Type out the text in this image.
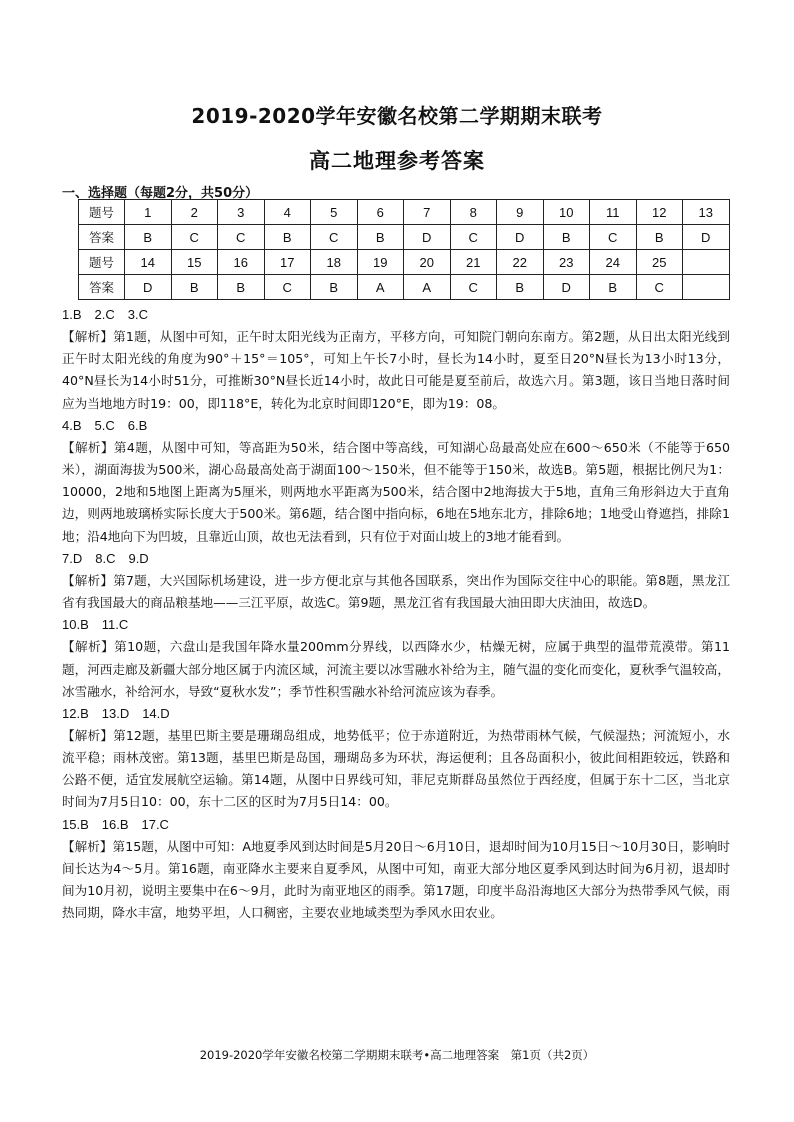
2019-2020学年安徽名校第二学期期末联考
高二地理参考答案
一、选择题（每题2分，共50分）
题号	1	2	3	4	5	6	7	8	9	10	11	12	13
答案	B	C	C	B	C	B	D	C	D	B	C	B	D
题号	14	15	16	17	18	19	20	21	22	23	24	25	
答案	D	B	B	C	B	A	A	C	B	D	B	C	

1.B　2.C　3.C

【解析】第1题，从图中可知，正午时太阳光线为正南方，平移方向，可知院门朝向东南方。第2题，从日出太阳光线到正午时太阳光线的角度为90°＋15°＝105°，可知上午长7小时，昼长为14小时，夏至日20°N昼长为13小时13分，40°N昼长为14小时51分，可推断30°N昼长近14小时，故此日可能是夏至前后，故选六月。第3题，该日当地日落时间应为当地地方时19：00，即118°E，转化为北京时间即120°E，即为19：08。

4.B　5.C　6.B

【解析】第4题，从图中可知，等高距为50米，结合图中等高线，可知湖心岛最高处应在600～650米（不能等于650米），湖面海拔为500米，湖心岛最高处高于湖面100～150米，但不能等于150米，故选B。第5题，根据比例尺为1：10000，2地和5地图上距离为5厘米，则两地水平距离为500米，结合图中2地海拔大于5地，直角三角形斜边大于直角边，则两地玻璃桥实际长度大于500米。第6题，结合图中指向标，6地在5地东北方，排除6地；1地受山脊遮挡，排除1地；沿4地向下为凹坡，且靠近山顶，故也无法看到，只有位于对面山坡上的3地才能看到。

7.D　8.C　9.D

【解析】第7题，大兴国际机场建设，进一步方便北京与其他各国联系，突出作为国际交往中心的职能。第8题，黑龙江省有我国最大的商品粮基地——三江平原，故选C。第9题，黑龙江省有我国最大油田即大庆油田，故选D。

10.B　11.C

【解析】第10题，六盘山是我国年降水量200mm分界线，以西降水少，枯燥无树，应属于典型的温带荒漠带。第11题，河西走廊及新疆大部分地区属于内流区域，河流主要以冰雪融水补给为主，随气温的变化而变化，夏秋季气温较高，冰雪融水，补给河水，导致“夏秋水发”；季节性积雪融水补给河流应该为春季。

12.B　13.D　14.D

【解析】第12题，基里巴斯主要是珊瑚岛组成，地势低平；位于赤道附近，为热带雨林气候，气候湿热；河流短小，水流平稳；雨林茂密。第13题，基里巴斯是岛国，珊瑚岛多为环状，海运便利；且各岛面积小，彼此间相距较远，铁路和公路不便，适宜发展航空运输。第14题，从图中日界线可知，菲尼克斯群岛虽然位于西经度，但属于东十二区，当北京时间为7月5日10：00，东十二区的区时为7月5日14：00。

15.B　16.B　17.C

【解析】第15题，从图中可知：A地夏季风到达时间是5月20日～6月10日，退却时间为10月15日～10月30日，影响时间长达为4～5月。第16题，南亚降水主要来自夏季风，从图中可知，南亚大部分地区夏季风到达时间为6月初，退却时间为10月初，说明主要集中在6～9月，此时为南亚地区的雨季。第17题，印度半岛沿海地区大部分为热带季风气候，雨热同期，降水丰富，地势平坦，人口稠密，主要农业地域类型为季风水田农业。

2019-2020学年安徽名校第二学期期末联考•高二地理答案　第1页（共2页）
